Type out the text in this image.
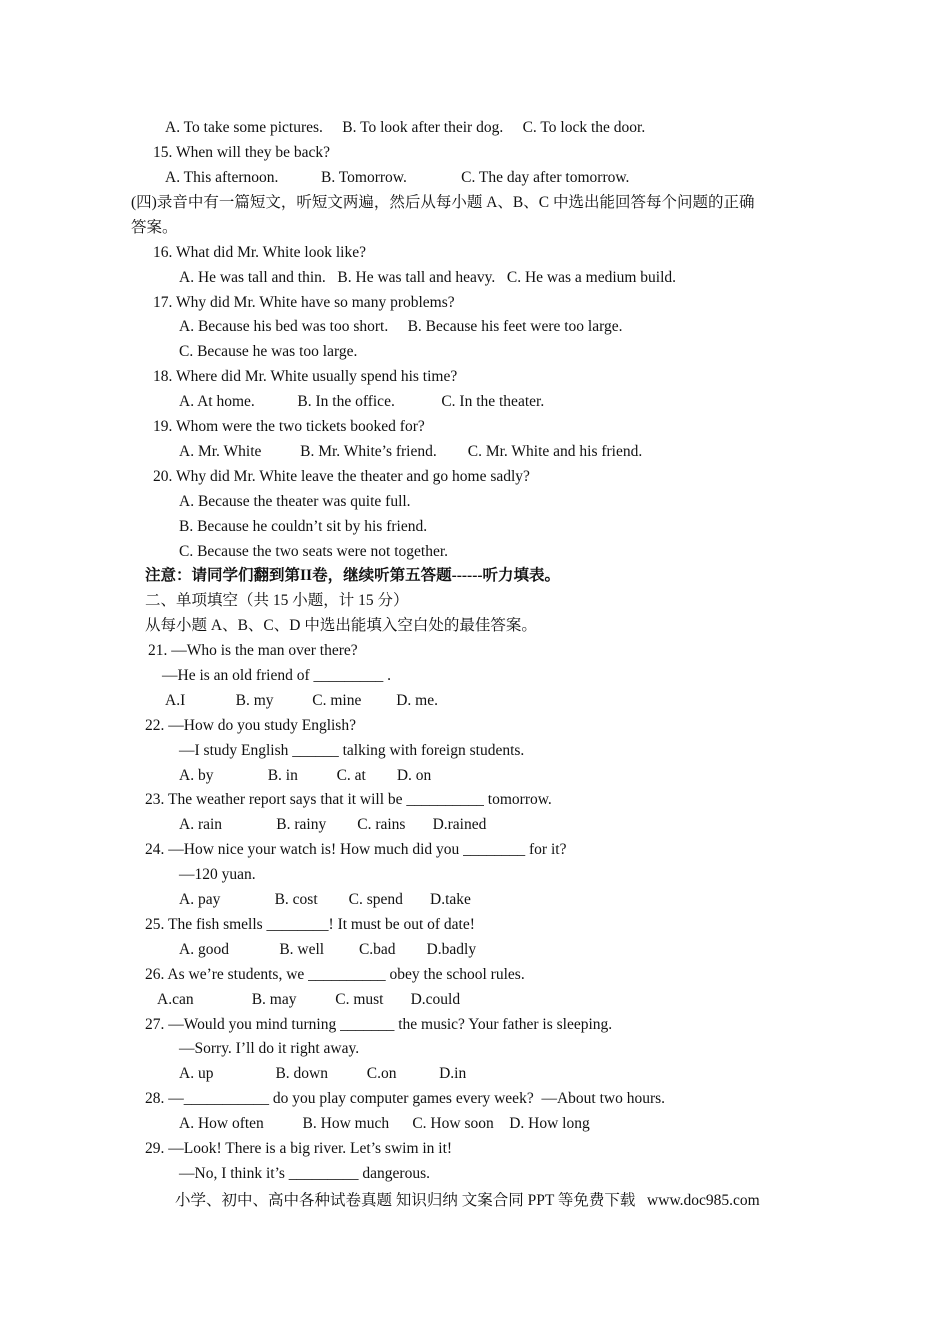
A. To take some pictures.     B. To look after their dog.     C. To lock the door.
15. When will they be back?
A. This afternoon.           B. Tomorrow.              C. The day after tomorrow.
(四)录音中有一篇短文，听短文两遍，然后从每小题 A、B、C 中选出能回答每个问题的正确
答案。
16. What did Mr. White look like?
A. He was tall and thin.   B. He was tall and heavy.   C. He was a medium build.
17. Why did Mr. White have so many problems?
A. Because his bed was too short.     B. Because his feet were too large.
C. Because he was too large.
18. Where did Mr. White usually spend his time?
A. At home.           B. In the office.            C. In the theater.
19. Whom were the two tickets booked for?
A. Mr. White          B. Mr. White’s friend.        C. Mr. White and his friend.
20. Why did Mr. White leave the theater and go home sadly?
A. Because the theater was quite full.
B. Because he couldn’t sit by his friend.
C. Because the two seats were not together.
注意：请同学们翻到第II卷，继续听第五答题------听力填表。
二、单项填空（共 15 小题，计 15 分）
从每小题 A、B、C、D 中选出能填入空白处的最佳答案。
21. —Who is the man over there?
—He is an old friend of _________ .
A.I             B. my          C. mine         D. me.
22. —How do you study English?
—I study English ______ talking with foreign students.
A. by              B. in          C. at        D. on
23. The weather report says that it will be __________ tomorrow.
A. rain              B. rainy        C. rains       D.rained
24. —How nice your watch is! How much did you ________ for it?
—120 yuan.
A. pay              B. cost        C. spend       D.take
25. The fish smells ________! It must be out of date!
A. good             B. well         C.bad        D.badly
26. As we’re students, we __________ obey the school rules.
A.can               B. may          C. must       D.could
27. —Would you mind turning _______ the music? Your father is sleeping.
—Sorry. I’ll do it right away.
A. up                B. down          C.on           D.in
28. —___________ do you play computer games every week?  —About two hours.
A. How often          B. How much      C. How soon    D. How long
29. —Look! There is a big river. Let’s swim in it!
—No, I think it’s _________ dangerous.
小学、初中、高中各种试卷真题 知识归纳 文案合同 PPT 等免费下载   www.doc985.com
